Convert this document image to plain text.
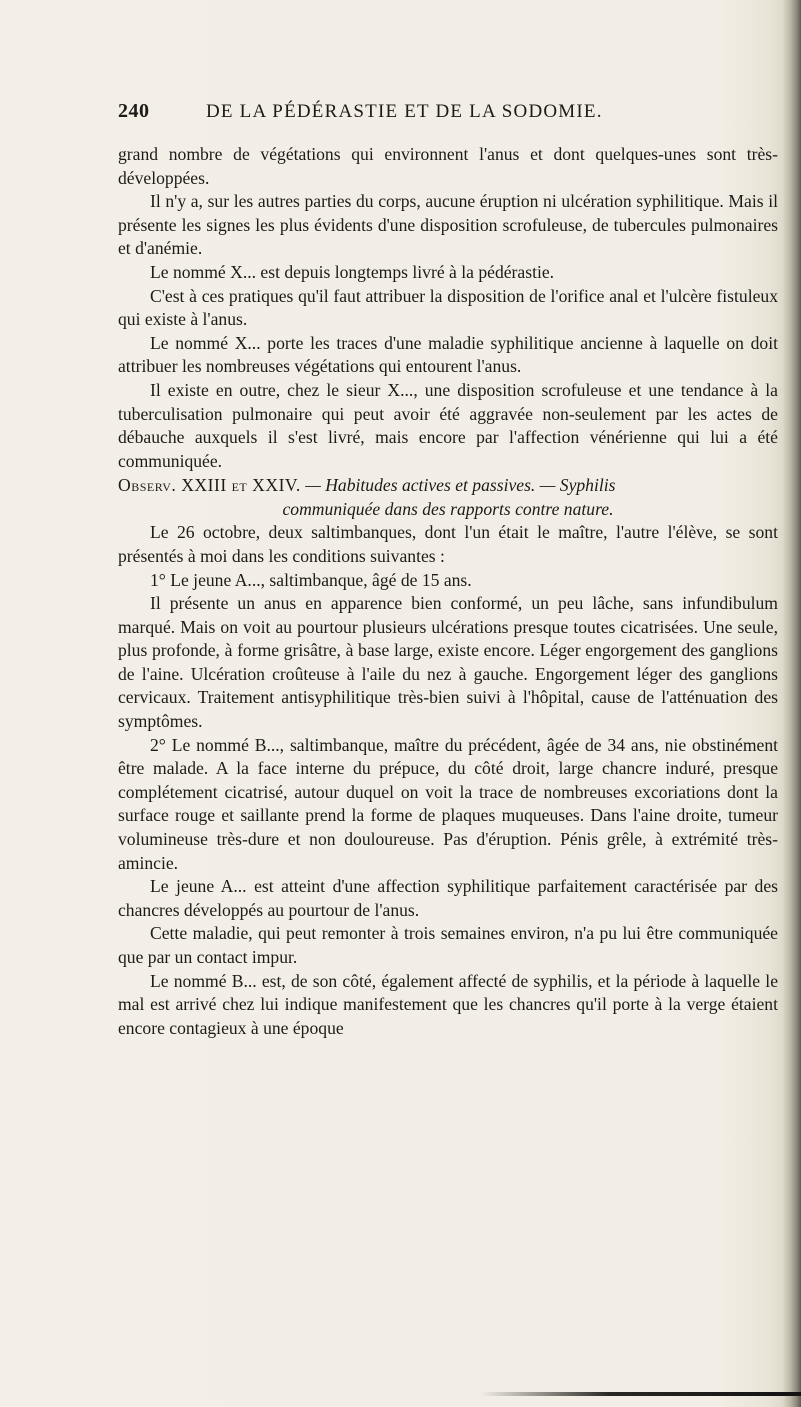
240	DE LA PÉDÉRASTIE ET DE LA SODOMIE.

grand nombre de végétations qui environnent l'anus et dont quelques-unes sont très-développées.

Il n'y a, sur les autres parties du corps, aucune éruption ni ulcération syphilitique. Mais il présente les signes les plus évidents d'une disposition scrofuleuse, de tubercules pulmonaires et d'anémie.

Le nommé X... est depuis longtemps livré à la pédérastie.

C'est à ces pratiques qu'il faut attribuer la disposition de l'orifice anal et l'ulcère fistuleux qui existe à l'anus.

Le nommé X... porte les traces d'une maladie syphilitique ancienne à laquelle on doit attribuer les nombreuses végétations qui entourent l'anus.

Il existe en outre, chez le sieur X..., une disposition scrofuleuse et une tendance à la tuberculisation pulmonaire qui peut avoir été aggravée non-seulement par les actes de débauche auxquels il s'est livré, mais encore par l'affection vénérienne qui lui a été communiquée.

Observ. XXIII et XXIV. — Habitudes actives et passives. — Syphilis
communiquée dans des rapports contre nature.

Le 26 octobre, deux saltimbanques, dont l'un était le maître, l'autre l'élève, se sont présentés à moi dans les conditions suivantes :

1° Le jeune A..., saltimbanque, âgé de 15 ans.

Il présente un anus en apparence bien conformé, un peu lâche, sans infundibulum marqué. Mais on voit au pourtour plusieurs ulcérations presque toutes cicatrisées. Une seule, plus profonde, à forme grisâtre, à base large, existe encore. Léger engorgement des ganglions de l'aine. Ulcération croûteuse à l'aile du nez à gauche. Engorgement léger des ganglions cervicaux. Traitement antisyphilitique très-bien suivi à l'hôpital, cause de l'atténuation des symptômes.

2° Le nommé B..., saltimbanque, maître du précédent, âgée de 34 ans, nie obstinément être malade. A la face interne du prépuce, du côté droit, large chancre induré, presque complétement cicatrisé, autour duquel on voit la trace de nombreuses excoriations dont la surface rouge et saillante prend la forme de plaques muqueuses. Dans l'aine droite, tumeur volumineuse très-dure et non douloureuse. Pas d'éruption. Pénis grêle, à extrémité très-amincie.

Le jeune A... est atteint d'une affection syphilitique parfaitement caractérisée par des chancres développés au pourtour de l'anus.

Cette maladie, qui peut remonter à trois semaines environ, n'a pu lui être communiquée que par un contact impur.

Le nommé B... est, de son côté, également affecté de syphilis, et la période à laquelle le mal est arrivé chez lui indique manifestement que les chancres qu'il porte à la verge étaient encore contagieux à une époque
